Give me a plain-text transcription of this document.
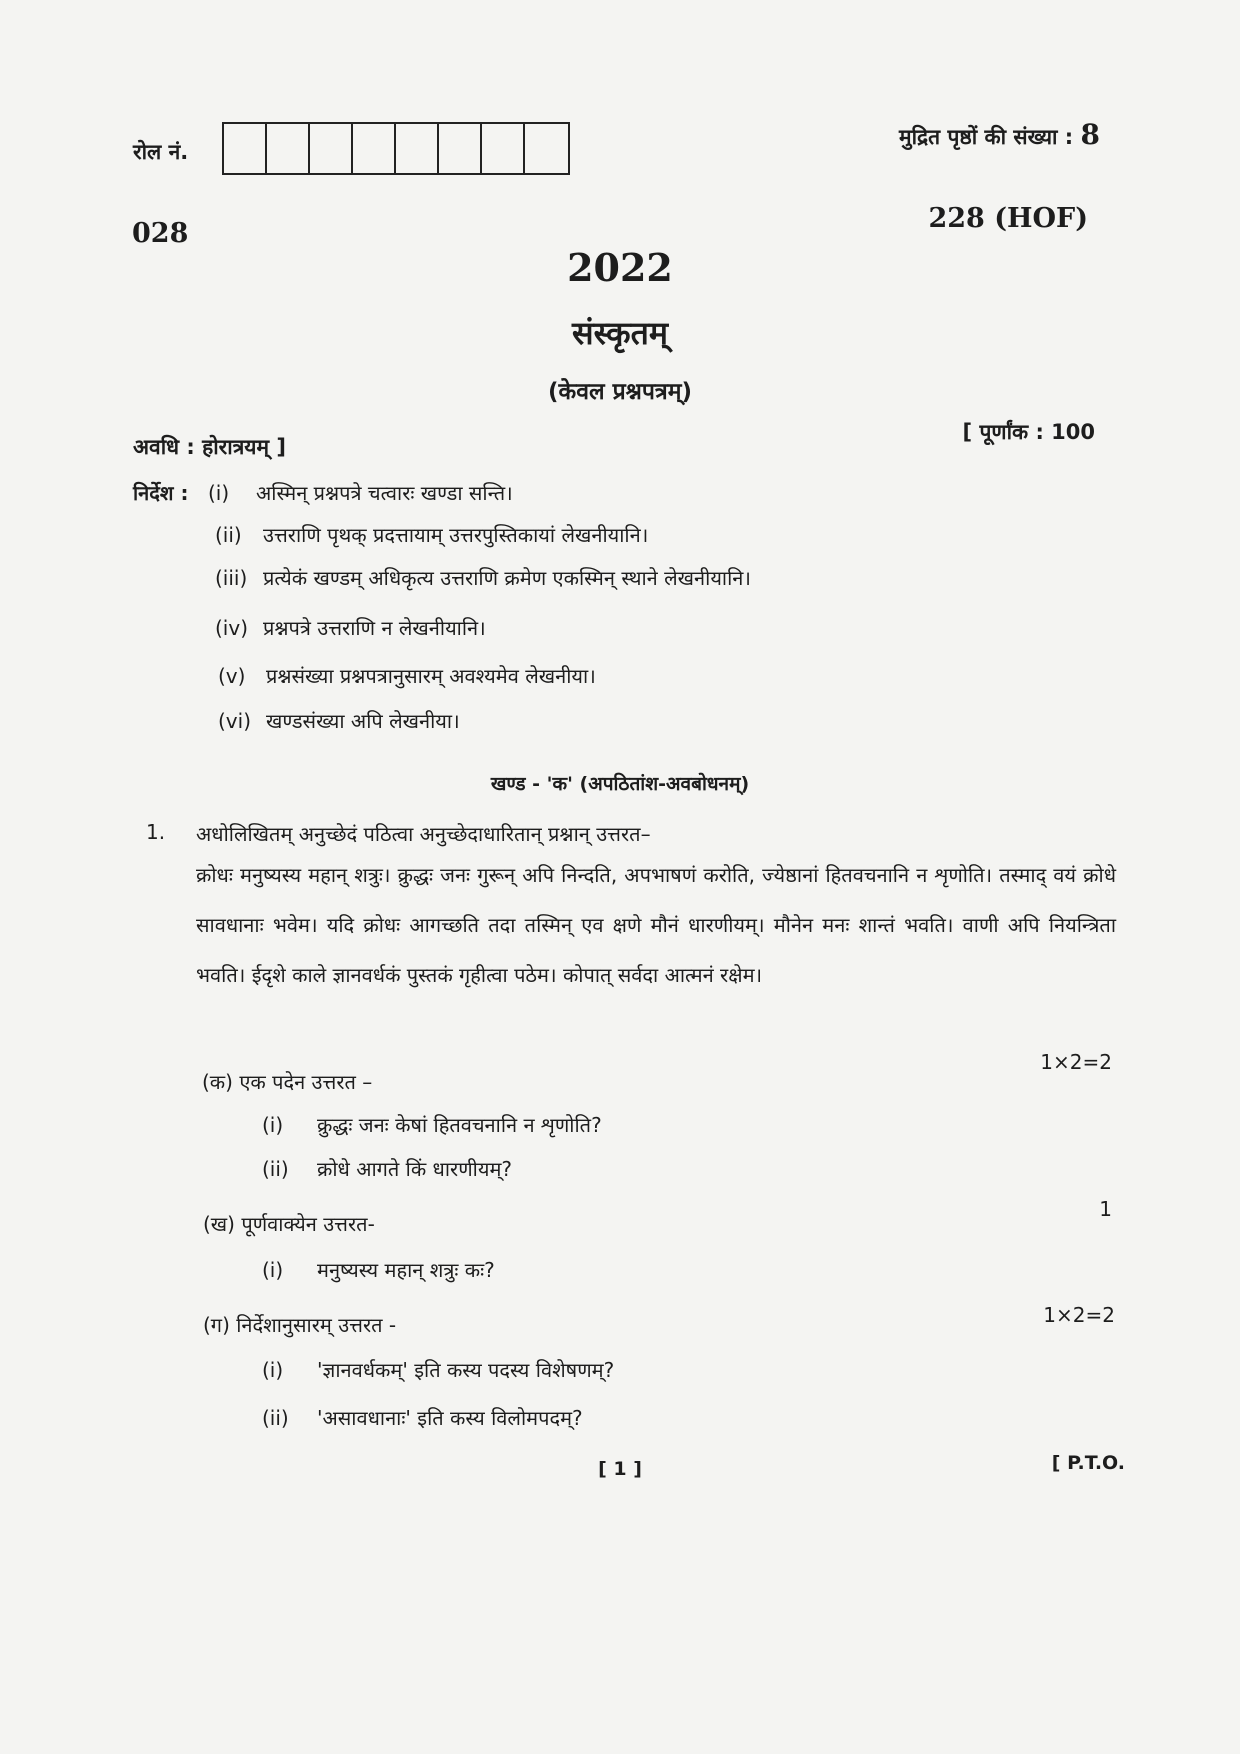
रोल नं.
मुद्रित पृष्ठों की संख्या : 8
028	228 (HOF)
2022
संस्कृतम्
(केवल प्रश्नपत्रम्)
अवधि : होरात्रयम् ]
[ पूर्णांक : 100
निर्देश : (i) अस्मिन् प्रश्नपत्रे चत्वारः खण्डा सन्ति।
(ii) उत्तराणि पृथक् प्रदत्तायाम् उत्तरपुस्तिकायां लेखनीयानि।
(iii) प्रत्येकं खण्डम् अधिकृत्य उत्तराणि क्रमेण एकस्मिन् स्थाने लेखनीयानि।
(iv) प्रश्नपत्रे उत्तराणि न लेखनीयानि।
(v) प्रश्नसंख्या प्रश्नपत्रानुसारम् अवश्यमेव लेखनीया।
(vi) खण्डसंख्या अपि लेखनीया।
खण्ड - 'क' (अपठितांश-अवबोधनम्)
1. अधोलिखितम् अनुच्छेदं पठित्वा अनुच्छेदाधारितान् प्रश्नान् उत्तरत–
क्रोधः मनुष्यस्य महान् शत्रुः। क्रुद्धः जनः गुरून् अपि निन्दति, अपभाषणं करोति, ज्येष्ठानां हितवचनानि न शृणोति। तस्माद् वयं क्रोधे सावधानाः भवेम। यदि क्रोधः आगच्छति तदा तस्मिन् एव क्षणे मौनं धारणीयम्। मौनेन मनः शान्तं भवति। वाणी अपि नियन्त्रिता भवति। ईदृशे काले ज्ञानवर्धकं पुस्तकं गृहीत्वा पठेम। कोपात् सर्वदा आत्मनं रक्षेम।
(क) एक पदेन उत्तरत –
1×2=2
(i) क्रुद्धः जनः केषां हितवचनानि न शृणोति?
(ii) क्रोधे आगते किं धारणीयम्?
(ख) पूर्णवाक्येन उत्तरत-
1
(i) मनुष्यस्य महान् शत्रुः कः?
(ग) निर्देशानुसारम् उत्तरत -	1×2=2
(i) 'ज्ञानवर्धकम्' इति कस्य पदस्य विशेषणम्?
(ii) 'असावधानाः' इति कस्य विलोमपदम्?
[ 1 ]	[ P.T.O.
